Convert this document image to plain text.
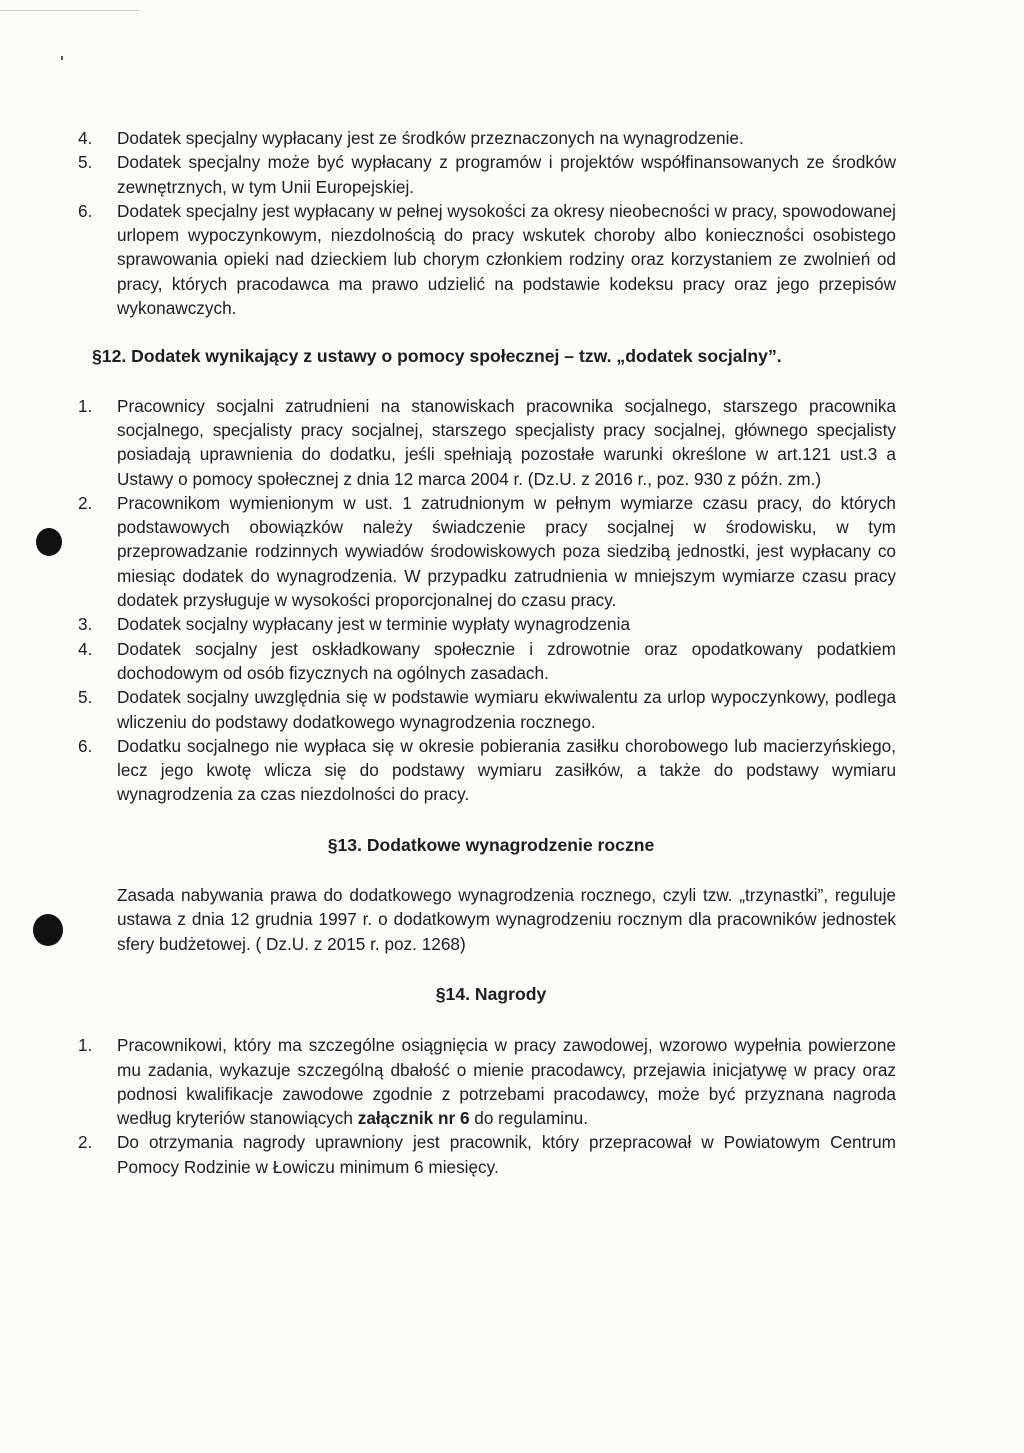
4. Dodatek specjalny wypłacany jest ze środków przeznaczonych na wynagrodzenie.
5. Dodatek specjalny może być wypłacany z programów i projektów współfinansowanych ze środków zewnętrznych, w tym Unii Europejskiej.
6. Dodatek specjalny jest wypłacany w pełnej wysokości za okresy nieobecności w pracy, spowodowanej urlopem wypoczynkowym, niezdolnością do pracy wskutek choroby albo konieczności osobistego sprawowania opieki nad dzieckiem lub chorym członkiem rodziny oraz korzystaniem ze zwolnień od pracy, których pracodawca ma prawo udzielić na podstawie kodeksu pracy oraz jego przepisów wykonawczych.
§12. Dodatek wynikający z ustawy o pomocy społecznej – tzw. „dodatek socjalny”.
1. Pracownicy socjalni zatrudnieni na stanowiskach pracownika socjalnego, starszego pracownika socjalnego, specjalisty pracy socjalnej, starszego specjalisty pracy socjalnej, głównego specjalisty posiadają uprawnienia do dodatku, jeśli spełniają pozostałe warunki określone w art.121 ust.3 a Ustawy o pomocy społecznej z dnia 12 marca 2004 r. (Dz.U. z 2016 r., poz. 930 z późn. zm.)
2. Pracownikom wymienionym w ust. 1 zatrudnionym w pełnym wymiarze czasu pracy, do których podstawowych obowiązków należy świadczenie pracy socjalnej w środowisku, w tym przeprowadzanie rodzinnych wywiadów środowiskowych poza siedzibą jednostki, jest wypłacany co miesiąc dodatek do wynagrodzenia. W przypadku zatrudnienia w mniejszym wymiarze czasu pracy dodatek przysługuje w wysokości proporcjonalnej do czasu pracy.
3. Dodatek socjalny wypłacany jest w terminie wypłaty wynagrodzenia
4. Dodatek socjalny jest oskładkowany społecznie i zdrowotnie oraz opodatkowany podatkiem dochodowym od osób fizycznych na ogólnych zasadach.
5. Dodatek socjalny uwzględnia się w podstawie wymiaru ekwiwalentu za urlop wypoczynkowy, podlega wliczeniu do podstawy dodatkowego wynagrodzenia rocznego.
6. Dodatku socjalnego nie wypłaca się w okresie pobierania zasiłku chorobowego lub macierzyńskiego, lecz jego kwotę wlicza się do podstawy wymiaru zasiłków, a także do podstawy wymiaru wynagrodzenia za czas niezdolności do pracy.
§13. Dodatkowe wynagrodzenie roczne

Zasada nabywania prawa do dodatkowego wynagrodzenia rocznego, czyli tzw. „trzynastki”, reguluje ustawa z dnia 12 grudnia 1997 r. o dodatkowym wynagrodzeniu rocznym dla pracowników jednostek sfery budżetowej. ( Dz.U. z 2015 r. poz. 1268)

§14. Nagrody
1. Pracownikowi, który ma szczególne osiągnięcia w pracy zawodowej, wzorowo wypełnia powierzone mu zadania, wykazuje szczególną dbałość o mienie pracodawcy, przejawia inicjatywę w pracy oraz podnosi kwalifikacje zawodowe zgodnie z potrzebami pracodawcy, może być przyznana nagroda według kryteriów stanowiących załącznik nr 6 do regulaminu.
2. Do otrzymania nagrody uprawniony jest pracownik, który przepracował w Powiatowym Centrum Pomocy Rodzinie w Łowiczu minimum 6 miesięcy.
